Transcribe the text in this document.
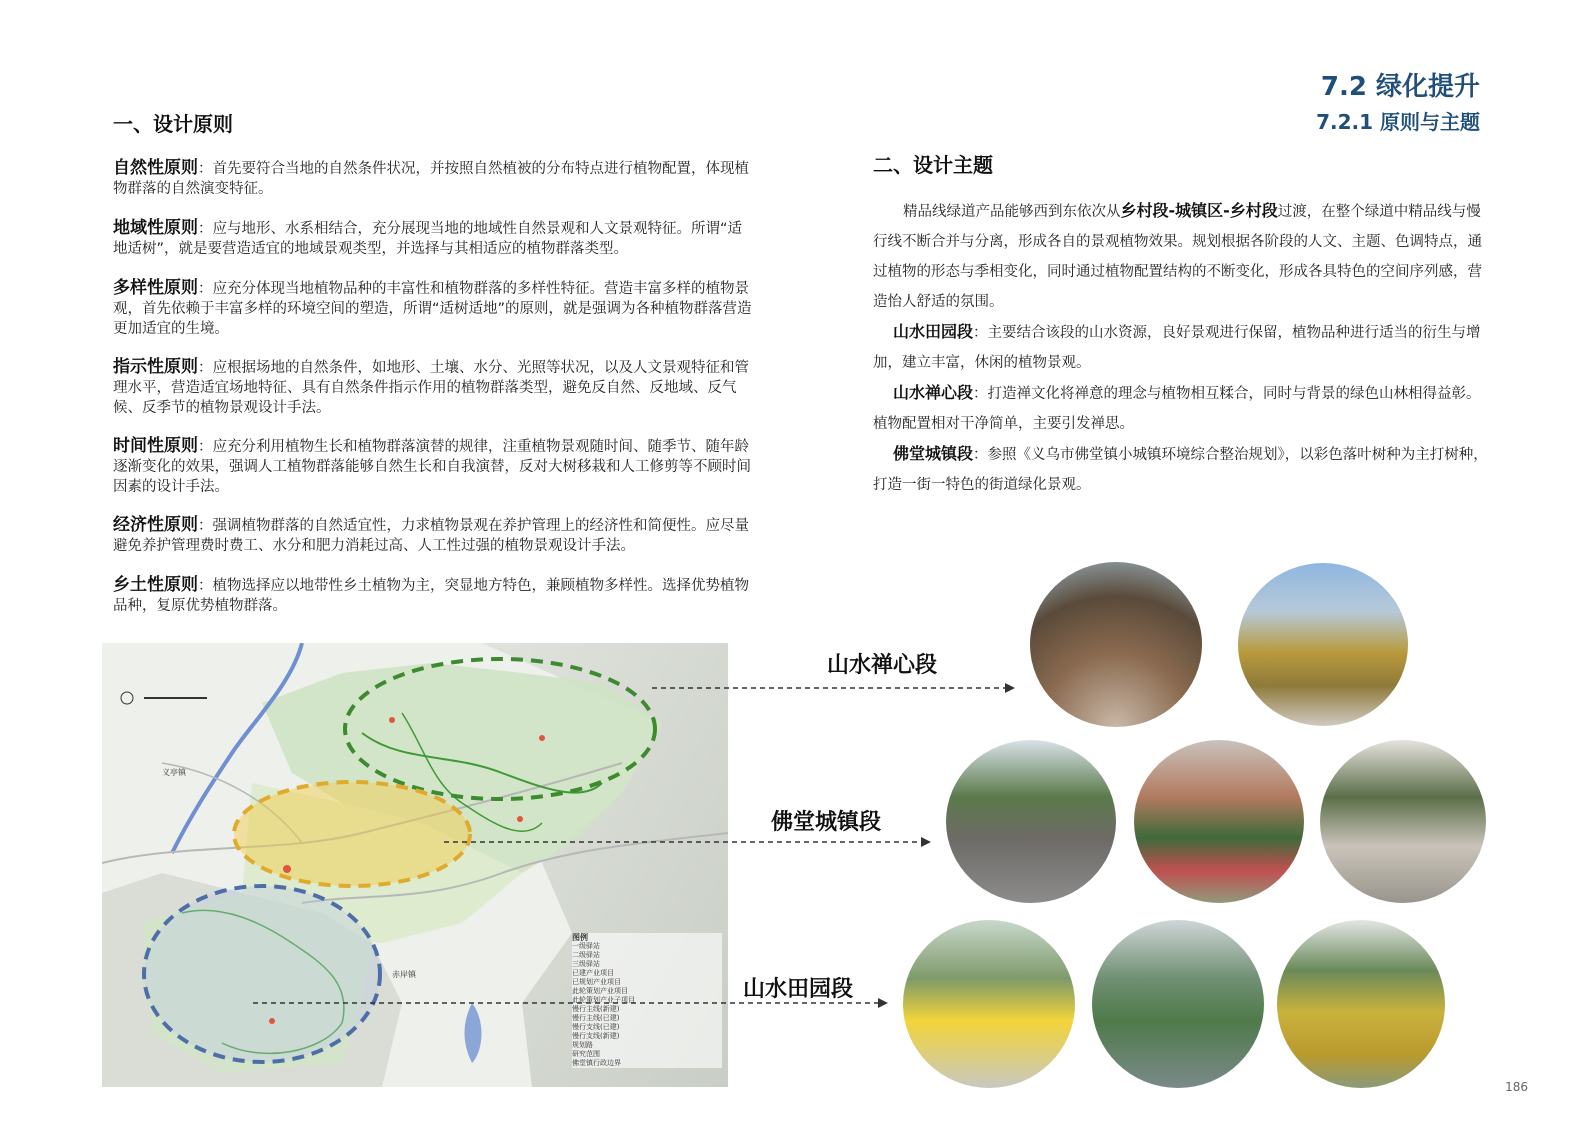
7.2 绿化提升
7.2.1 原则与主题
一、设计原则
自然性原则：首先要符合当地的自然条件状况，并按照自然植被的分布特点进行植物配置，体现植物群落的自然演变特征。
地域性原则：应与地形、水系相结合，充分展现当地的地域性自然景观和人文景观特征。所谓“适地适树”，就是要营造适宜的地域景观类型，并选择与其相适应的植物群落类型。
多样性原则：应充分体现当地植物品种的丰富性和植物群落的多样性特征。营造丰富多样的植物景观，首先依赖于丰富多样的环境空间的塑造，所谓“适树适地”的原则，就是强调为各种植物群落营造更加适宜的生境。
指示性原则：应根据场地的自然条件，如地形、土壤、水分、光照等状况，以及人文景观特征和管理水平，营造适宜场地特征、具有自然条件指示作用的植物群落类型，避免反自然、反地域、反气候、反季节的植物景观设计手法。
时间性原则：应充分利用植物生长和植物群落演替的规律，注重植物景观随时间、随季节、随年龄逐渐变化的效果，强调人工植物群落能够自然生长和自我演替，反对大树移栽和人工修剪等不顾时间因素的设计手法。
经济性原则：强调植物群落的自然适宜性，力求植物景观在养护管理上的经济性和简便性。应尽量避免养护管理费时费工、水分和肥力消耗过高、人工性过强的植物景观设计手法。
乡土性原则：植物选择应以地带性乡土植物为主，突显地方特色，兼顾植物多样性。选择优势植物品种，复原优势植物群落。
二、设计主题

精品线绿道产品能够西到东依次从乡村段-城镇区-乡村段过渡，在整个绿道中精品线与慢行线不断合并与分离，形成各自的景观植物效果。规划根据各阶段的人文、主题、色调特点，通过植物的形态与季相变化，同时通过植物配置结构的不断变化，形成各具特色的空间序列感，营造怡人舒适的氛围。

山水田园段：主要结合该段的山水资源，良好景观进行保留，植物品种进行适当的衍生与增加，建立丰富，休闲的植物景观。

山水禅心段：打造禅文化将禅意的理念与植物相互糅合，同时与背景的绿色山林相得益彰。植物配置相对干净简单，主要引发禅思。

佛堂城镇段：参照《义乌市佛堂镇小城镇环境综合整治规划》，以彩色落叶树种为主打树种，打造一街一特色的街道绿化景观。

义亭镇
赤岸镇
图例
一级驿站
二级驿站
三级驿站
已建产业项目
已规划产业项目
此轮策划产业项目
此轮策划产业子项目
慢行主线(新建)
慢行主线(已建)
慢行支线(已建)
慢行支线(新建)
规划路
研究范围
佛堂镇行政边界
山水禅心段
佛堂城镇段
山水田园段
186
